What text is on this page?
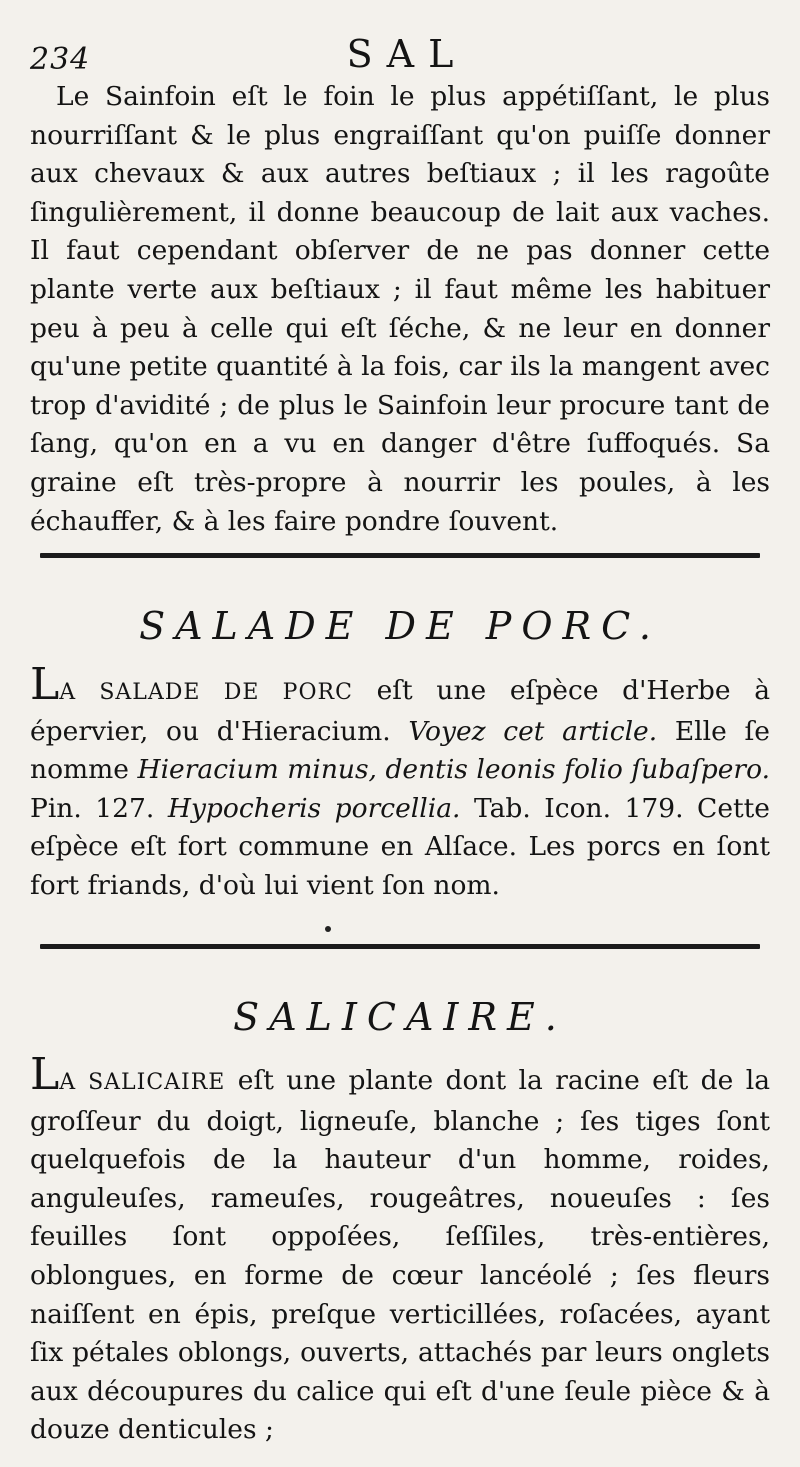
234	SAL

Le Sainfoin eſt le foin le plus appétiſſant, le plus nourriſſant & le plus engraiſſant qu'on puiſſe donner aux chevaux & aux autres beſtiaux ; il les ragoûte ſingulièrement, il donne beaucoup de lait aux vaches. Il faut cependant obſerver de ne pas donner cette plante verte aux beſtiaux ; il faut même les habituer peu à peu à celle qui eſt ſéche, & ne leur en donner qu'une petite quantité à la fois, car ils la mangent avec trop d'avidité ; de plus le Sainfoin leur procure tant de ſang, qu'on en a vu en danger d'être ſuffoqués. Sa graine eſt très-propre à nourrir les poules, à les échauffer, & à les faire pondre ſouvent.

SALADE DE PORC.

LA SALADE DE PORC eſt une eſpèce d'Herbe à épervier, ou d'Hieracium. Voyez cet article. Elle ſe nomme Hieracium minus, dentis leonis folio ſubaſpero. Pin. 127. Hypocheris porcellia. Tab. Icon. 179. Cette eſpèce eſt fort commune en Alſace. Les porcs en ſont fort friands, d'où lui vient ſon nom.

SALICAIRE.

LA SALICAIRE eſt une plante dont la racine eſt de la groſſeur du doigt, ligneuſe, blanche ; ſes tiges ſont quelquefois de la hauteur d'un homme, roides, anguleuſes, rameuſes, rougeâtres, noueuſes : ſes feuilles ſont oppoſées, ſeſſiles, très-entières, oblongues, en forme de cœur lancéolé ; ſes fleurs naiſſent en épis, preſque verticillées, roſacées, ayant ſix pétales oblongs, ouverts, attachés par leurs onglets aux découpures du calice qui eſt d'une ſeule pièce & à douze denticules ;
